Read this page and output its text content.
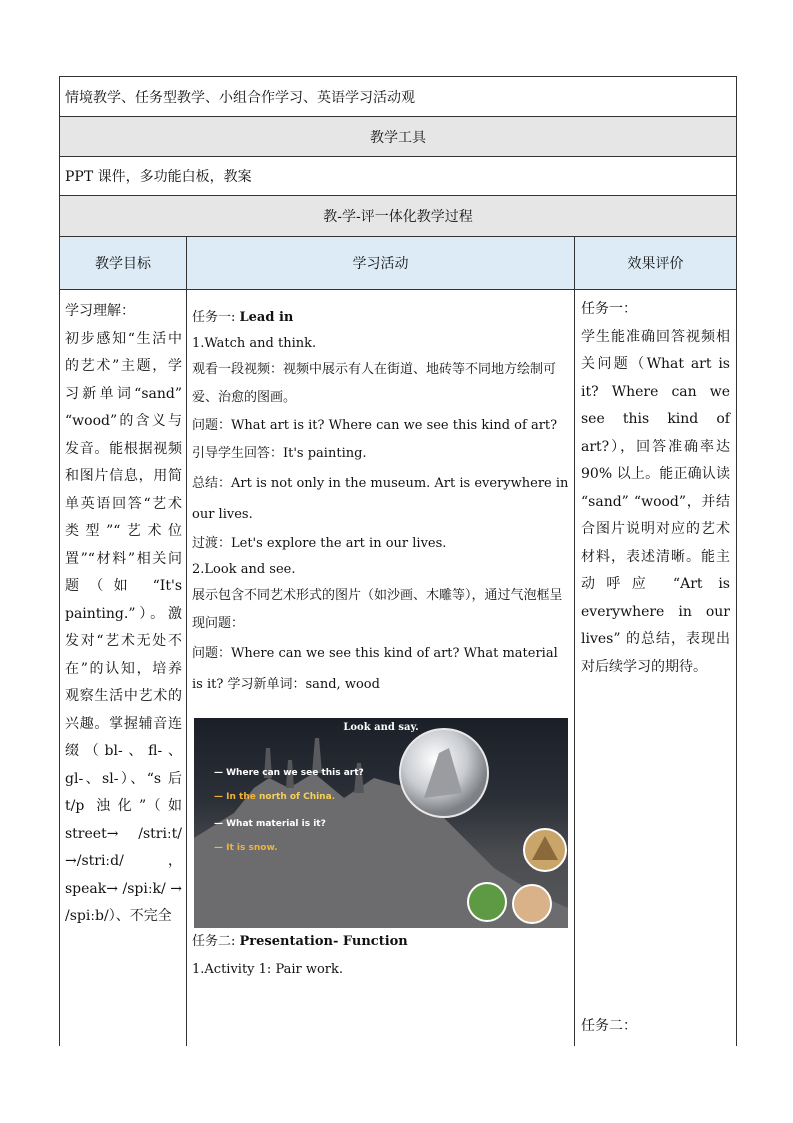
情境教学、任务型教学、小组合作学习、英语学习活动观
教学工具
PPT 课件，多功能白板，教案
教-学-评一体化教学过程
教学目标	学习活动	效果评价
学习理解：
初步感知“生活中的艺术”主题，学习新单词“sand” “wood”的含义与发音。能根据视频和图片信息，用简单英语回答“艺术类型”“艺术位置”“材料”相关问题（如 “It's painting.”）。激发对“艺术无处不在”的认知，培养观察生活中艺术的兴趣。掌握辅音连缀（bl-、fl-、gl-、sl-）、“s 后 t/p 浊化”（如 street→ /striːt/ →/striːd/，speak→ /spiːk/ → /spiːb/）、不完全

任务一: Lead in

1.Watch and think.

观看一段视频：视频中展示有人在街道、地砖等不同地方绘制可爱、治愈的图画。

问题：What art is it? Where can we see this kind of art?

引导学生回答：It's painting.

总结：Art is not only in the museum. Art is everywhere in our lives.

过渡：Let's explore the art in our lives.

2.Look and see.

展示包含不同艺术形式的图片（如沙画、木雕等），通过气泡框呈现问题：

问题：Where can we see this kind of art? What material is it? 学习新单词：sand, wood

Look and say.
— Where can we see this art?
— In the north of China.
— What material is it?
— It is snow.

任务二: Presentation- Function

1.Activity 1: Pair work.

任务一：
学生能准确回答视频相关问题（What art is it? Where can we see this kind of art?），回答准确率达 90% 以上。能正确认读 “sand” “wood”，并结合图片说明对应的艺术材料，表述清晰。能主动呼应 “Art is everywhere in our lives” 的总结，表现出对后续学习的期待。
任务二：
